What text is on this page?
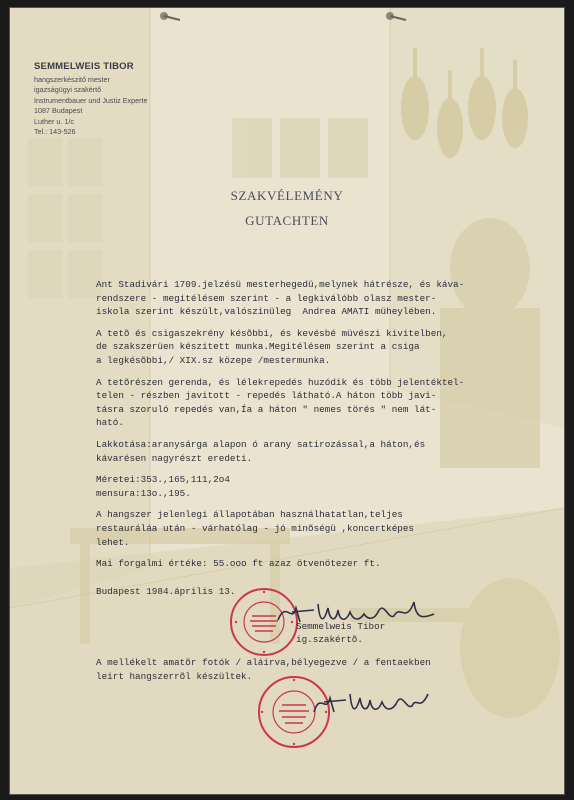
SEMMELWEIS TIBOR
hangszerkészitő mester
igazságügyi szakértő
Instrumentbauer und Justiz Experte
1087 Budapest
Luther u. 1/c
Tel.: 143-526
SZAKVÉLEMÉNY
GUTACHTEN

Ant Stadivári 1709.jelzésü mesterhegedü,melynek hátrésze, és káva-
rendszere - megitélésem szerint - a legkiválóbb olasz mester-
iskola szerint készült,valószinüleg  Andrea AMATI müheylében.

A tetõ és csigaszekrény késõbbi, és kevésbé müvészi kivitelben,
de szakszerüen készitett munka.Megitélésem szerint a csiga
a legkésõbbi,/ XIX.sz közepe /mestermunka.

A tetõrészen gerenda, és lélekrepedés huzódik és több jelentéktel-
telen - részben javitott - repedés látható.A háton több javi-
tásra szoruló repedés van,Ía a háton " nemes törés " nem lát-
ható.

Lakkotása:aranysárga alapon ó arany satirozással,a háton,és
kávarésen nagyrészt eredeti.

Méretei:353.,165,111,2o4
mensura:13o.,195.

A hangszer jelenlegi állapotában használhatatlan,teljes
restauráláa után - várhatólag - jó minõségü ,koncertképes
lehet.

Mai forgalmi értéke: 55.ooo ft azaz ötvenötezer ft.

Budapest 1984.április 13.
Semmelweis Tibor
ig.szakértõ.
A mellékelt amatõr fotók / aláírva,bélyegezve / a fentaekben
leirt hangszerrõl készültek.
